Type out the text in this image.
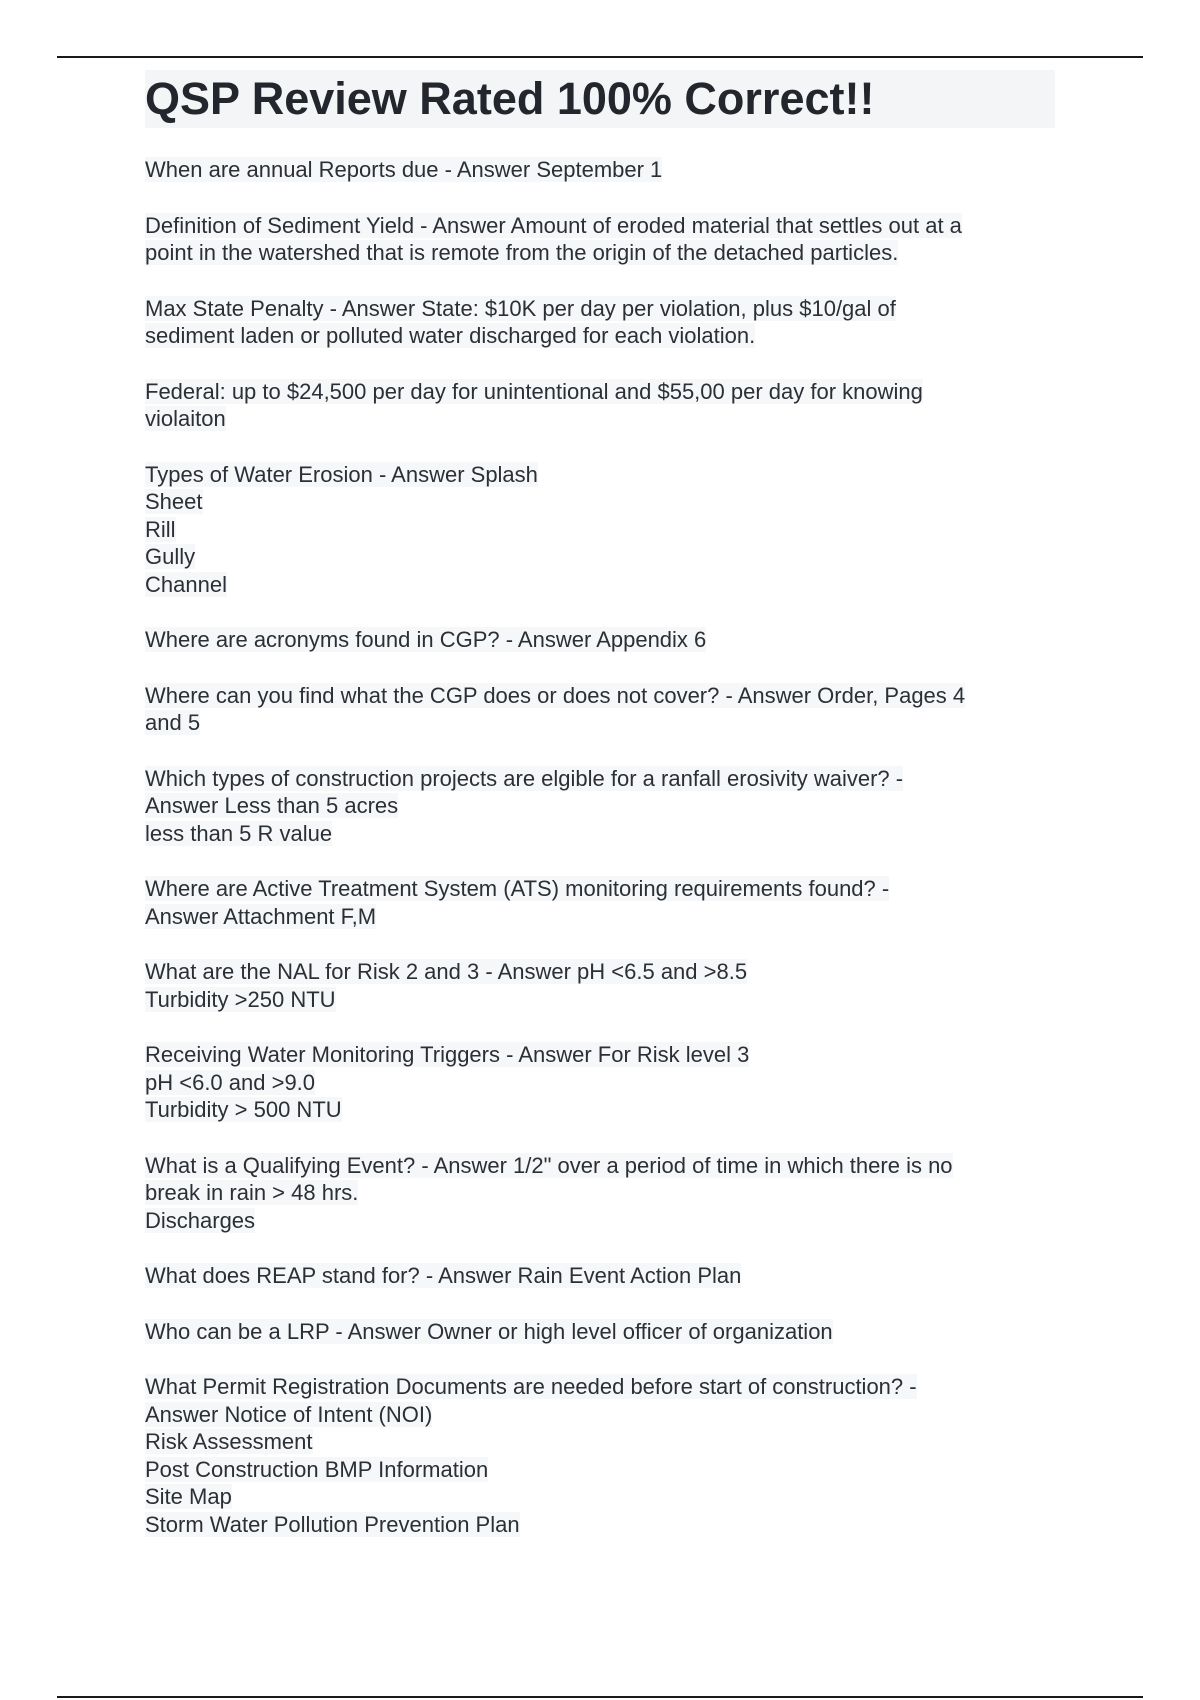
QSP Review Rated 100% Correct!!
When are annual Reports due - Answer September 1
Definition of Sediment Yield - Answer Amount of eroded material that settles out at a
point in the watershed that is remote from the origin of the detached particles.
Max State Penalty - Answer State: $10K per day per violation, plus $10/gal of
sediment laden or polluted water discharged for each violation.
Federal: up to $24,500 per day for unintentional and $55,00 per day for knowing
violaiton
Types of Water Erosion - Answer Splash
Sheet
Rill
Gully
Channel
Where are acronyms found in CGP? - Answer Appendix 6
Where can you find what the CGP does or does not cover? - Answer Order, Pages 4
and 5
Which types of construction projects are elgible for a ranfall erosivity waiver? -
Answer Less than 5 acres
less than 5 R value
Where are Active Treatment System (ATS) monitoring requirements found? -
Answer Attachment F,M
What are the NAL for Risk 2 and 3 - Answer pH <6.5 and >8.5
Turbidity >250 NTU
Receiving Water Monitoring Triggers - Answer For Risk level 3
pH <6.0 and >9.0
Turbidity > 500 NTU
What is a Qualifying Event? - Answer 1/2" over a period of time in which there is no
break in rain > 48 hrs.
Discharges
What does REAP stand for? - Answer Rain Event Action Plan
Who can be a LRP - Answer Owner or high level officer of organization
What Permit Registration Documents are needed before start of construction? -
Answer Notice of Intent (NOI)
Risk Assessment
Post Construction BMP Information
Site Map
Storm Water Pollution Prevention Plan
